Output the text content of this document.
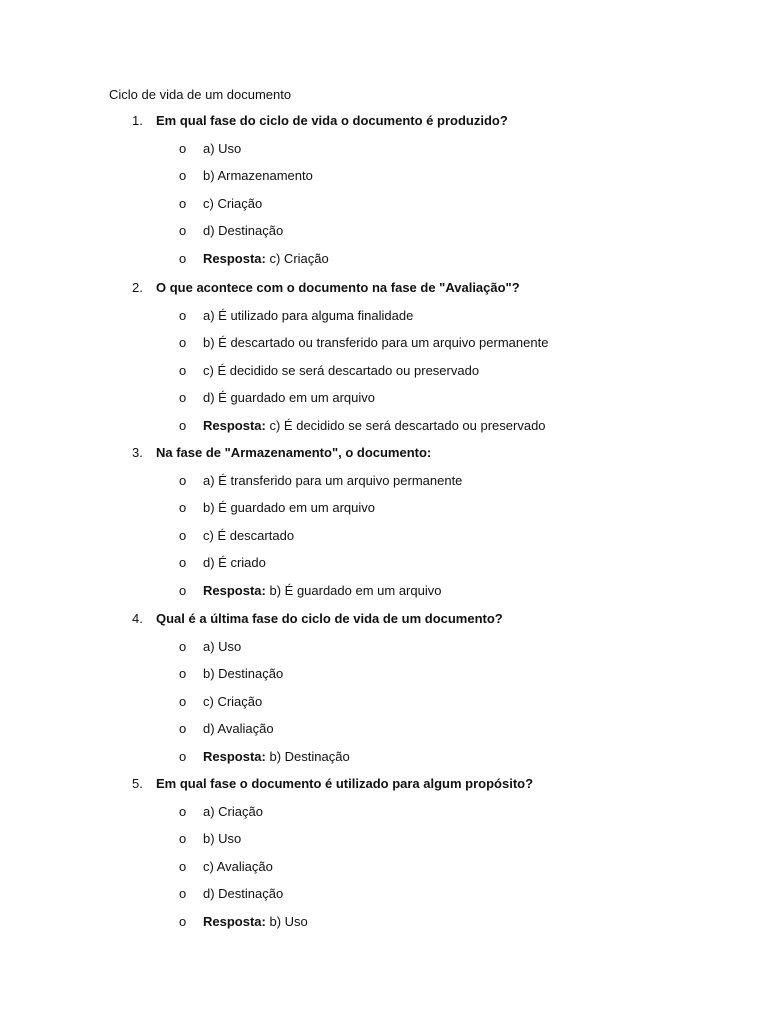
Ciclo de vida de um documento
1. Em qual fase do ciclo de vida o documento é produzido?
o a) Uso
o b) Armazenamento
o c) Criação
o d) Destinação
o Resposta: c) Criação
2. O que acontece com o documento na fase de "Avaliação"?
o a) É utilizado para alguma finalidade
o b) É descartado ou transferido para um arquivo permanente
o c) É decidido se será descartado ou preservado
o d) É guardado em um arquivo
o Resposta: c) É decidido se será descartado ou preservado
3. Na fase de "Armazenamento", o documento:
o a) É transferido para um arquivo permanente
o b) É guardado em um arquivo
o c) É descartado
o d) É criado
o Resposta: b) É guardado em um arquivo
4. Qual é a última fase do ciclo de vida de um documento?
o a) Uso
o b) Destinação
o c) Criação
o d) Avaliação
o Resposta: b) Destinação
5. Em qual fase o documento é utilizado para algum propósito?
o a) Criação
o b) Uso
o c) Avaliação
o d) Destinação
o Resposta: b) Uso
